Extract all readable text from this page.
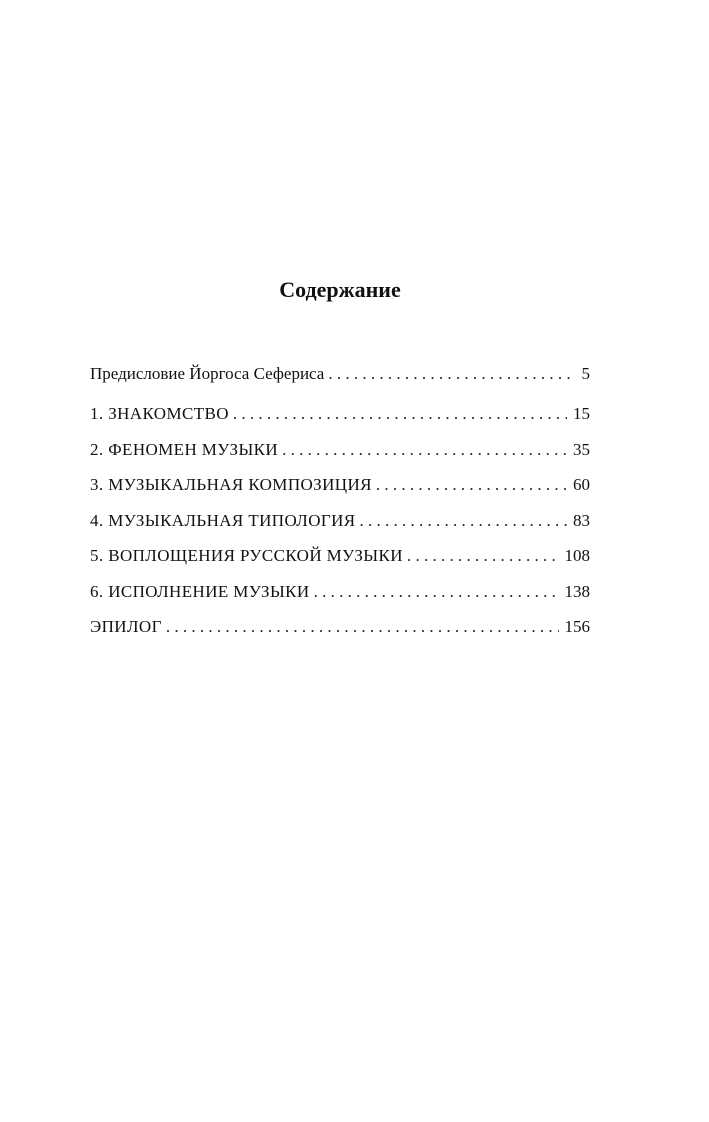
Содержание
Предисловие Йоргоса Сефериса . . .	5
1. ЗНАКОМСТВО . . .	15
2. ФЕНОМЕН МУЗЫКИ . . .	35
3. МУЗЫКАЛЬНАЯ КОМПОЗИЦИЯ . . .	60
4. МУЗЫКАЛЬНАЯ ТИПОЛОГИЯ . . .	83
5. ВОПЛОЩЕНИЯ РУССКОЙ МУЗЫКИ . . .	108
6. ИСПОЛНЕНИЕ МУЗЫКИ . . .	138
ЭПИЛОГ . . .	156
